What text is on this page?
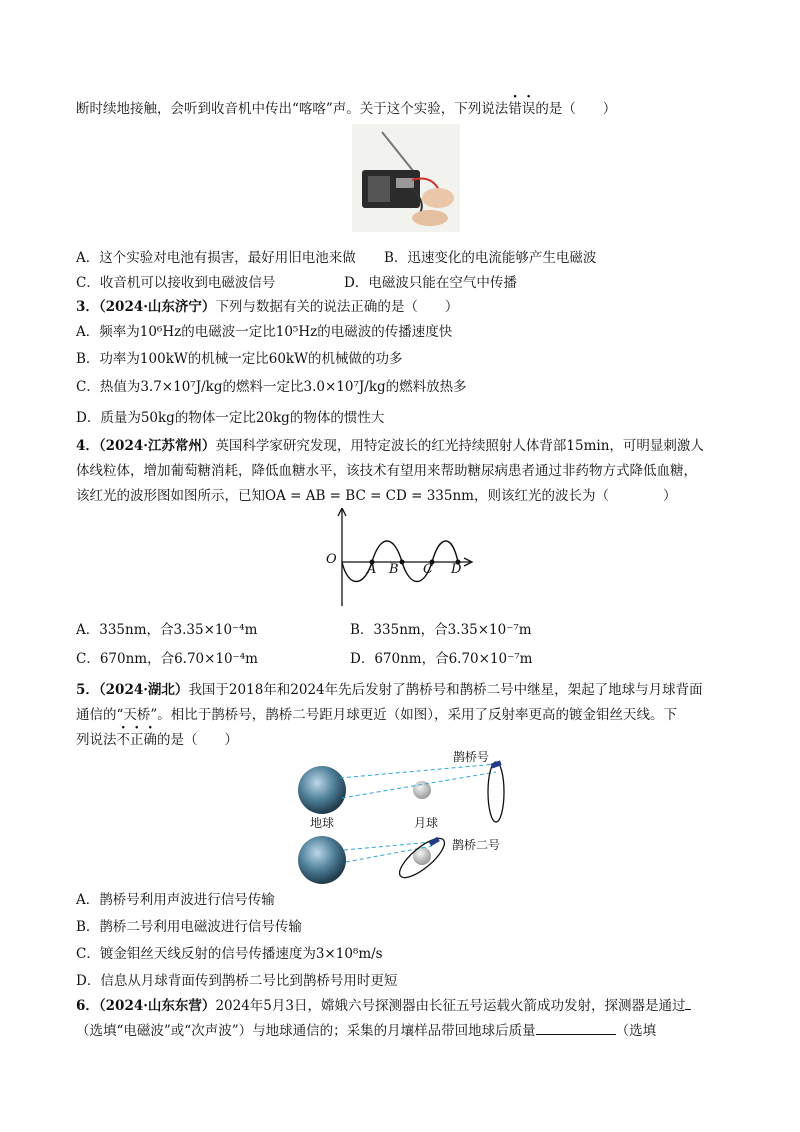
断时续地接触，会听到收音机中传出“喀喀”声。关于这个实验，下列说法错误的是（　　）
A．这个实验对电池有损害，最好用旧电池来做 B．迅速变化的电流能够产生电磁波
C．收音机可以接收到电磁波信号	D．电磁波只能在空气中传播
3．（2024·山东济宁）下列与数据有关的说法正确的是（　　）
A．频率为10⁶Hz的电磁波一定比10⁵Hz的电磁波的传播速度快
B．功率为100kW的机械一定比60kW的机械做的功多
C．热值为3.7×10⁷J/kg的燃料一定比3.0×10⁷J/kg的燃料放热多
D．质量为50kg的物体一定比20kg的物体的惯性大
4．（2024·江苏常州）英国科学家研究发现，用特定波长的红光持续照射人体背部15min，可明显刺激人
体线粒体，增加葡萄糖消耗，降低血糖水平，该技术有望用来帮助糖尿病患者通过非药物方式降低血糖，
该红光的波形图如图所示，已知OA = AB = BC = CD = 335nm，则该红光的波长为（　　　　）
O
A B C D
A．335nm，合3.35×10⁻⁴m	B．335nm，合3.35×10⁻⁷m
C．670nm，合6.70×10⁻⁴m	D．670nm，合6.70×10⁻⁷m
5．（2024·湖北）我国于2018年和2024年先后发射了鹊桥号和鹊桥二号中继星，架起了地球与月球背面
通信的“天桥”。相比于鹊桥号，鹊桥二号距月球更近（如图），采用了反射率更高的镀金钼丝天线。下
列说法不正确的是（　　）
鹊桥号
地球	月球
鹊桥二号
A．鹊桥号利用声波进行信号传输
B．鹊桥二号利用电磁波进行信号传输
C．镀金钼丝天线反射的信号传播速度为3×10⁸m/s
D．信息从月球背面传到鹊桥二号比到鹊桥号用时更短
6．（2024·山东东营）2024年5月3日，嫦娥六号探测器由长征五号运载火箭成功发射，探测器是通过
（选填“电磁波”或“次声波”）与地球通信的；采集的月壤样品带回地球后质量	（选填
